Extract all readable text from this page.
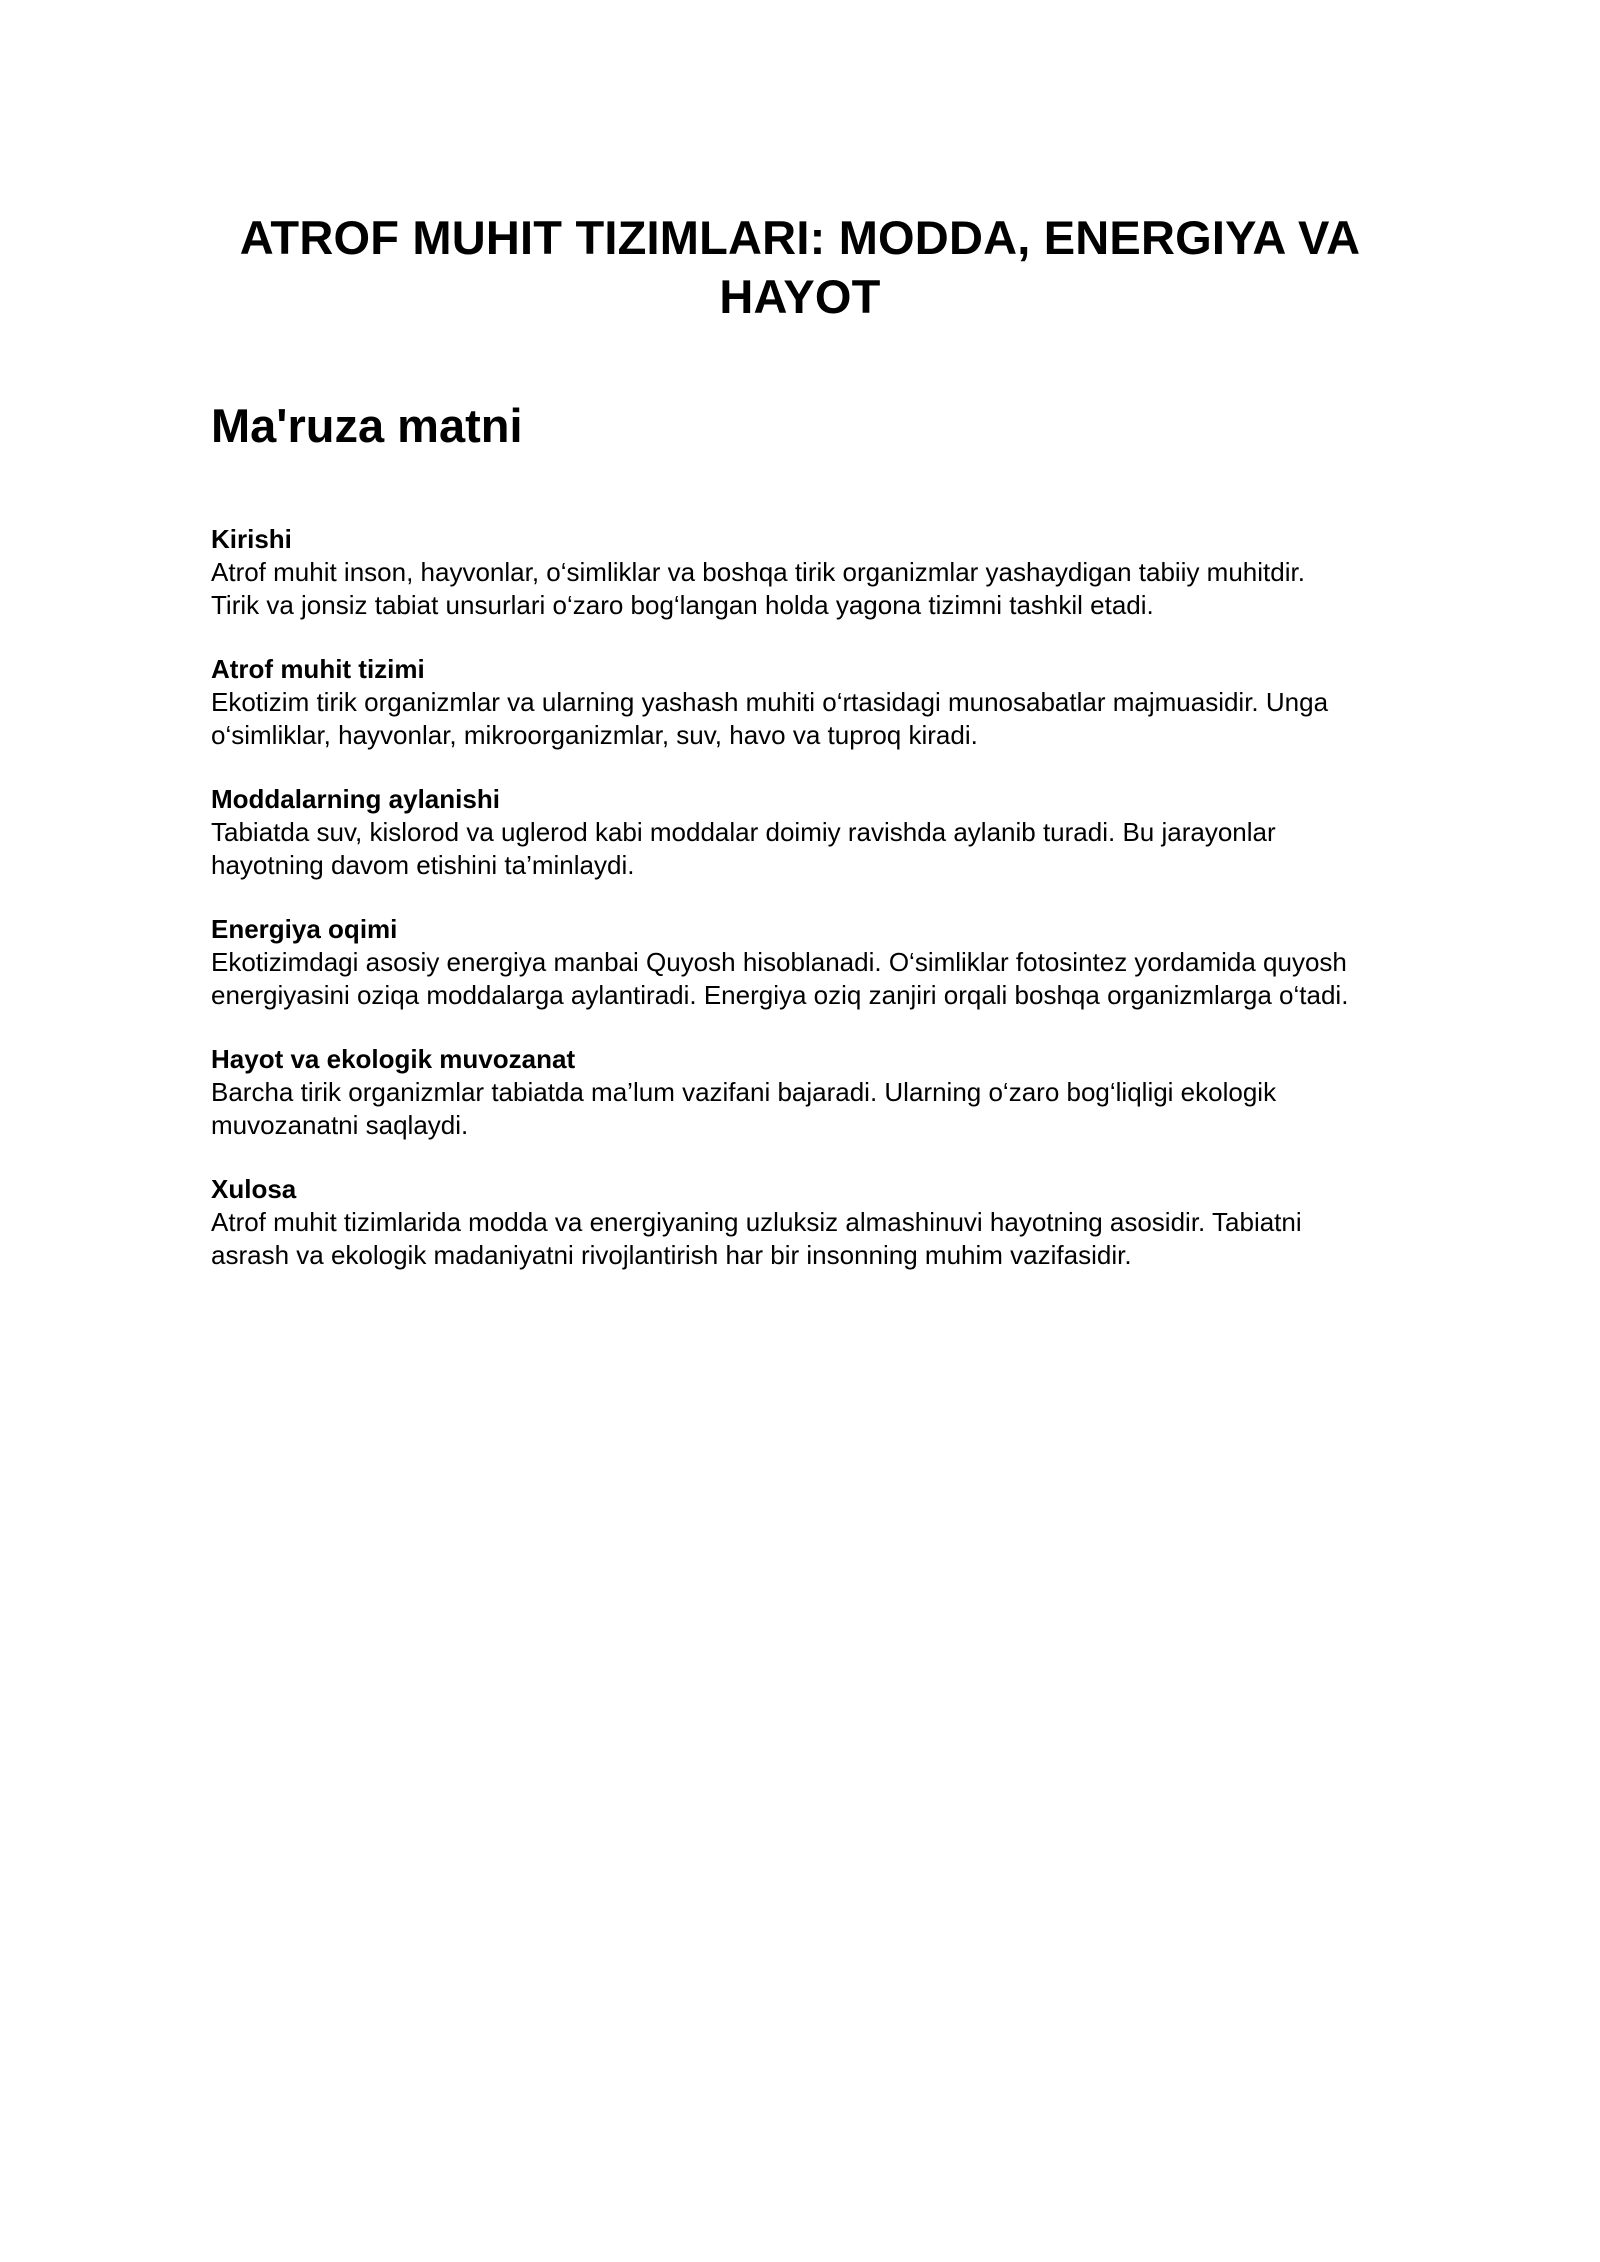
ATROF MUHIT TIZIMLARI: MODDA, ENERGIYA VA HAYOT
Ma'ruza matni
Kirishi

Atrof muhit inson, hayvonlar, o‘simliklar va boshqa tirik organizmlar yashaydigan tabiiy muhitdir.
Tirik va jonsiz tabiat unsurlari o‘zaro bog‘langan holda yagona tizimni tashkil etadi.

Atrof muhit tizimi

Ekotizim tirik organizmlar va ularning yashash muhiti o‘rtasidagi munosabatlar majmuasidir. Unga
o‘simliklar, hayvonlar, mikroorganizmlar, suv, havo va tuproq kiradi.

Moddalarning aylanishi

Tabiatda suv, kislorod va uglerod kabi moddalar doimiy ravishda aylanib turadi. Bu jarayonlar
hayotning davom etishini ta’minlaydi.

Energiya oqimi

Ekotizimdagi asosiy energiya manbai Quyosh hisoblanadi. O‘simliklar fotosintez yordamida quyosh
energiyasini oziqa moddalarga aylantiradi. Energiya oziq zanjiri orqali boshqa organizmlarga o‘tadi.

Hayot va ekologik muvozanat

Barcha tirik organizmlar tabiatda ma’lum vazifani bajaradi. Ularning o‘zaro bog‘liqligi ekologik
muvozanatni saqlaydi.

Xulosa

Atrof muhit tizimlarida modda va energiyaning uzluksiz almashinuvi hayotning asosidir. Tabiatni
asrash va ekologik madaniyatni rivojlantirish har bir insonning muhim vazifasidir.
